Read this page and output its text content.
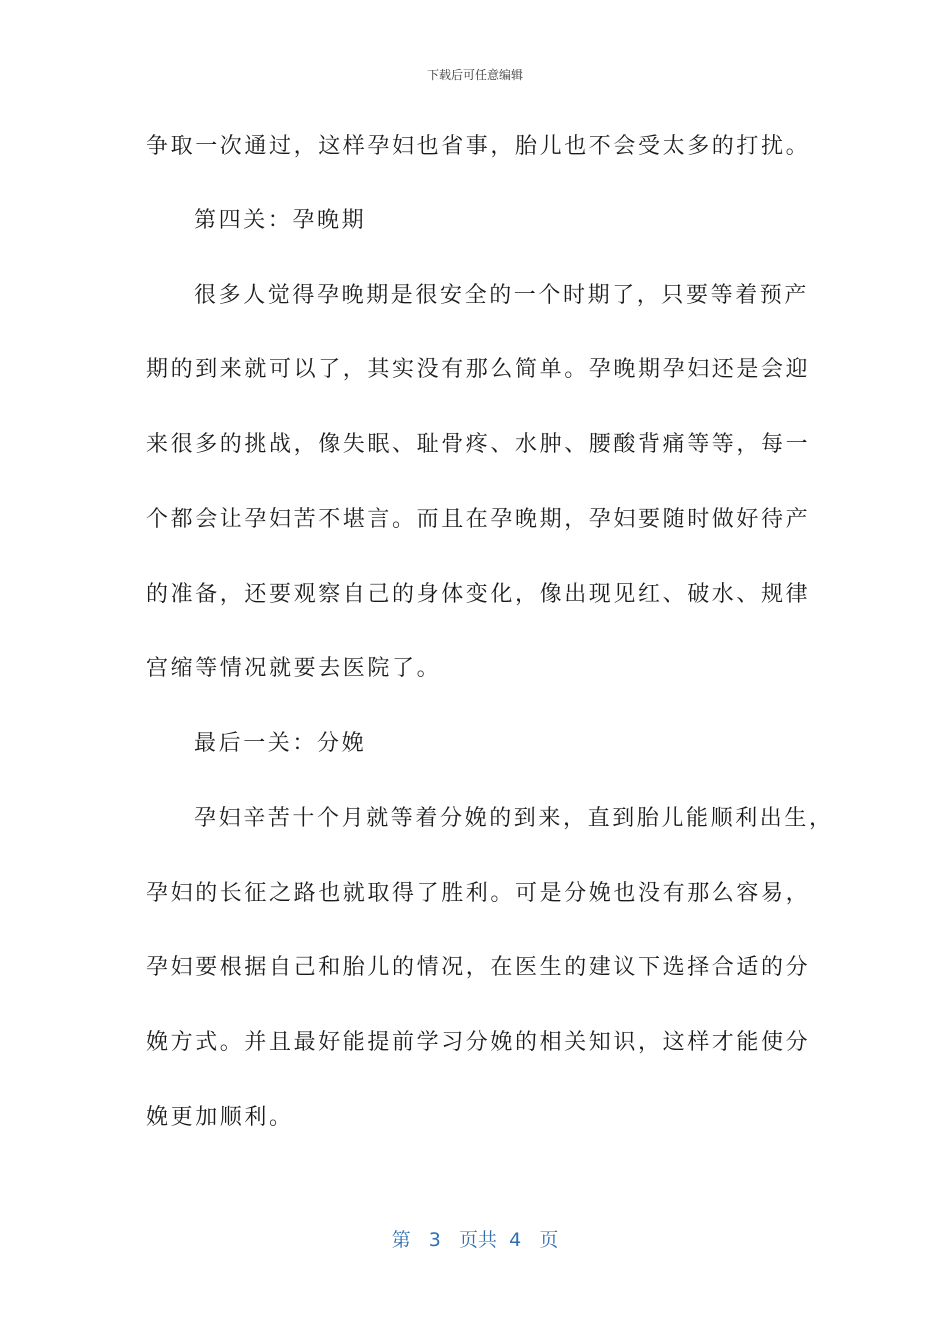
下载后可任意编辑
争取一次通过，这样孕妇也省事，胎儿也不会受太多的打扰。
第四关：孕晚期
很多人觉得孕晚期是很安全的一个时期了，只要等着预产
期的到来就可以了，其实没有那么简单。孕晚期孕妇还是会迎
来很多的挑战，像失眠、耻骨疼、水肿、腰酸背痛等等，每一
个都会让孕妇苦不堪言。而且在孕晚期，孕妇要随时做好待产
的准备，还要观察自己的身体变化，像出现见红、破水、规律
宫缩等情况就要去医院了。
最后一关：分娩
孕妇辛苦十个月就等着分娩的到来，直到胎儿能顺利出生，
孕妇的长征之路也就取得了胜利。可是分娩也没有那么容易，
孕妇要根据自己和胎儿的情况，在医生的建议下选择合适的分
娩方式。并且最好能提前学习分娩的相关知识，这样才能使分
娩更加顺利。
第 3 页共 4 页
